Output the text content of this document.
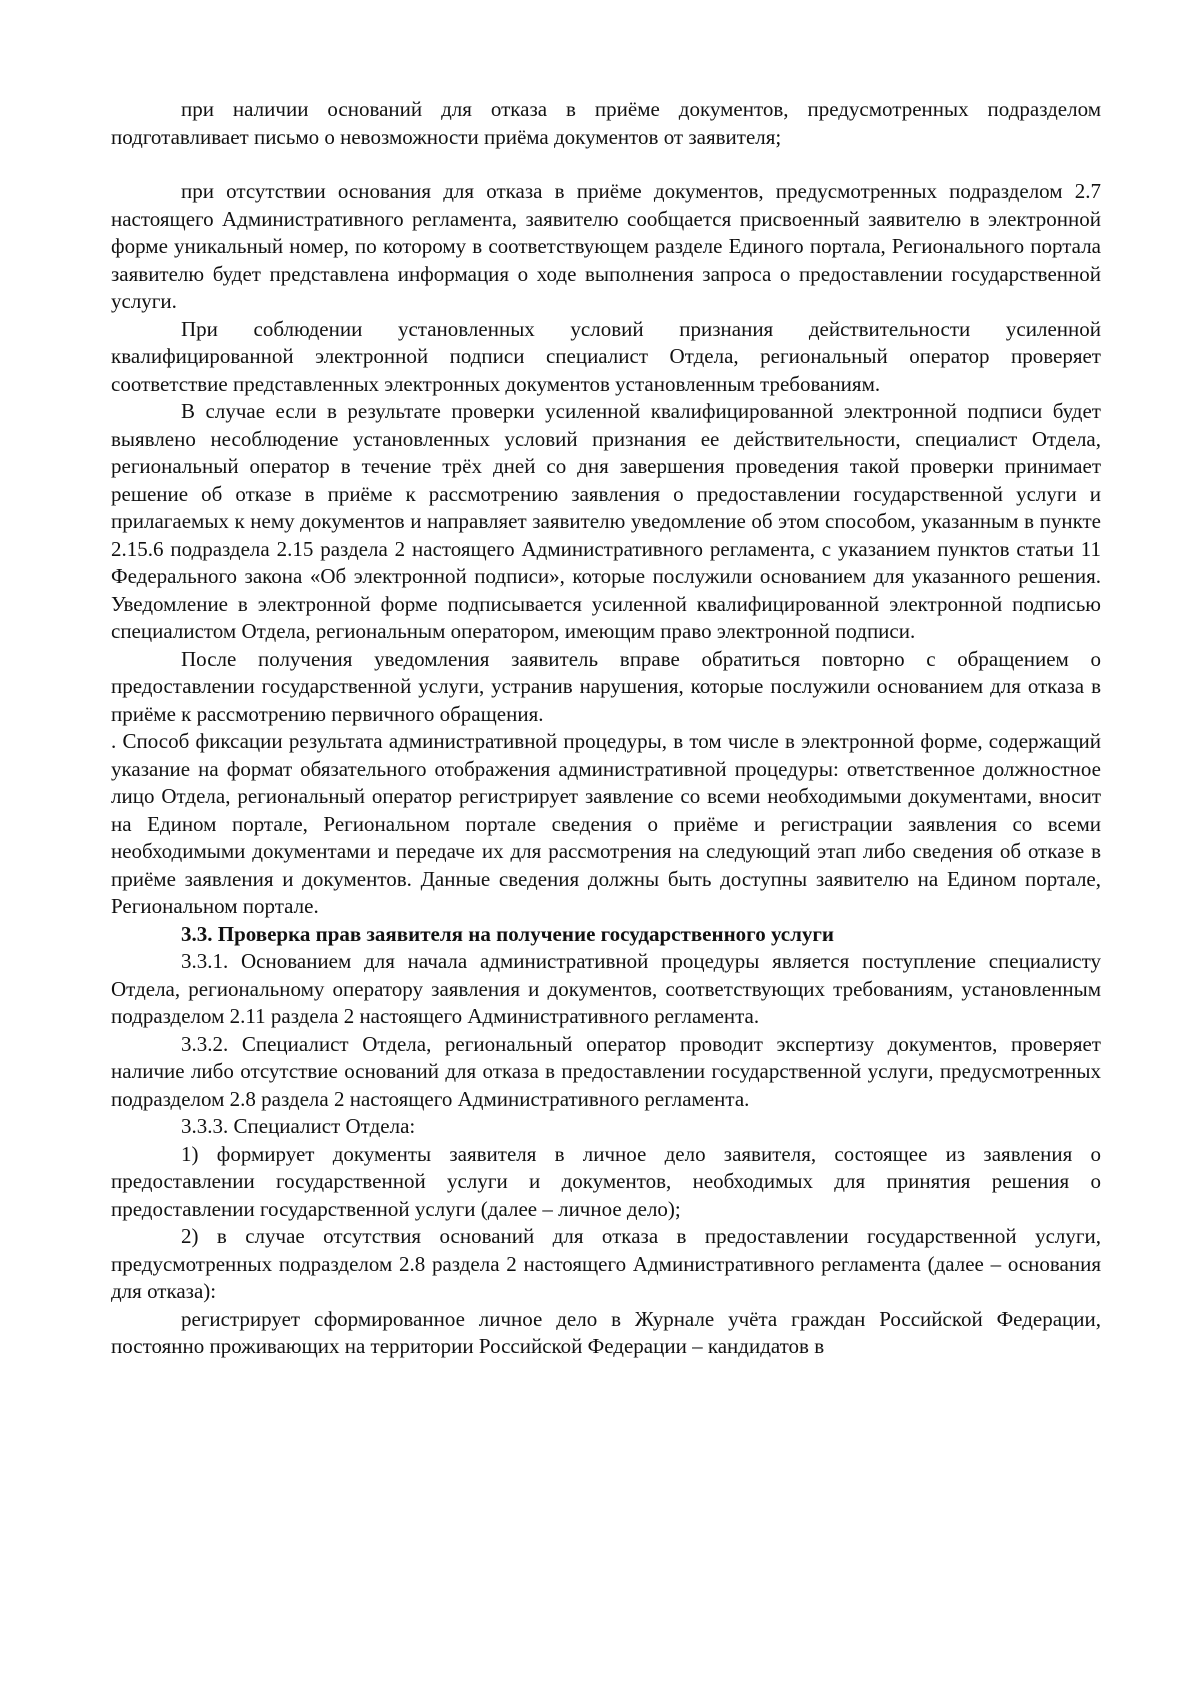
при наличии оснований для отказа в приёме документов, предусмотренных подразделом подготавливает письмо о невозможности приёма документов от заявителя;

при отсутствии основания для отказа в приёме документов, предусмотренных подразделом 2.7 настоящего Административного регламента, заявителю сообщается присвоенный заявителю в электронной форме уникальный номер, по которому в соответствующем разделе Единого портала, Регионального портала заявителю будет представлена информация о ходе выполнения запроса о предоставлении государственной услуги.

При соблюдении установленных условий признания действительности усиленной квалифицированной электронной подписи специалист Отдела, региональный оператор проверяет соответствие представленных электронных документов установленным требованиям.

В случае если в результате проверки усиленной квалифицированной электронной подписи будет выявлено несоблюдение установленных условий признания ее действительности, специалист Отдела, региональный оператор в течение трёх дней со дня завершения проведения такой проверки принимает решение об отказе в приёме к рассмотрению заявления о предоставлении государственной услуги и прилагаемых к нему документов и направляет заявителю уведомление об этом способом, указанным в пункте 2.15.6 подраздела 2.15 раздела 2 настоящего Административного регламента, с указанием пунктов статьи 11 Федерального закона «Об электронной подписи», которые послужили основанием для указанного решения. Уведомление в электронной форме подписывается усиленной квалифицированной электронной подписью специалистом Отдела, региональным оператором, имеющим право электронной подписи.

После получения уведомления заявитель вправе обратиться повторно с обращением о предоставлении государственной услуги, устранив нарушения, которые послужили основанием для отказа в приёме к рассмотрению первичного обращения.

. Способ фиксации результата административной процедуры, в том числе в электронной форме, содержащий указание на формат обязательного отображения административной процедуры: ответственное должностное лицо Отдела, региональный оператор регистрирует заявление со всеми необходимыми документами, вносит на Едином портале, Региональном портале сведения о приёме и регистрации заявления со всеми необходимыми документами и передаче их для рассмотрения на следующий этап либо сведения об отказе в приёме заявления и документов. Данные сведения должны быть доступны заявителю на Едином портале, Региональном портале.

3.3. Проверка прав заявителя на получение государственного услуги

3.3.1. Основанием для начала административной процедуры является поступление специалисту Отдела, региональному оператору заявления и документов, соответствующих требованиям, установленным подразделом 2.11 раздела 2 настоящего Административного регламента.

3.3.2. Специалист Отдела, региональный оператор проводит экспертизу документов, проверяет наличие либо отсутствие оснований для отказа в предоставлении государственной услуги, предусмотренных подразделом 2.8 раздела 2 настоящего Административного регламента.

3.3.3. Специалист Отдела:

1) формирует документы заявителя в личное дело заявителя, состоящее из заявления о предоставлении государственной услуги и документов, необходимых для принятия решения о предоставлении государственной услуги (далее – личное дело);

2) в случае отсутствия оснований для отказа в предоставлении государственной услуги, предусмотренных подразделом 2.8 раздела 2 настоящего Административного регламента (далее – основания для отказа):

регистрирует сформированное личное дело в Журнале учёта граждан Российской Федерации, постоянно проживающих на территории Российской Федерации – кандидатов в
